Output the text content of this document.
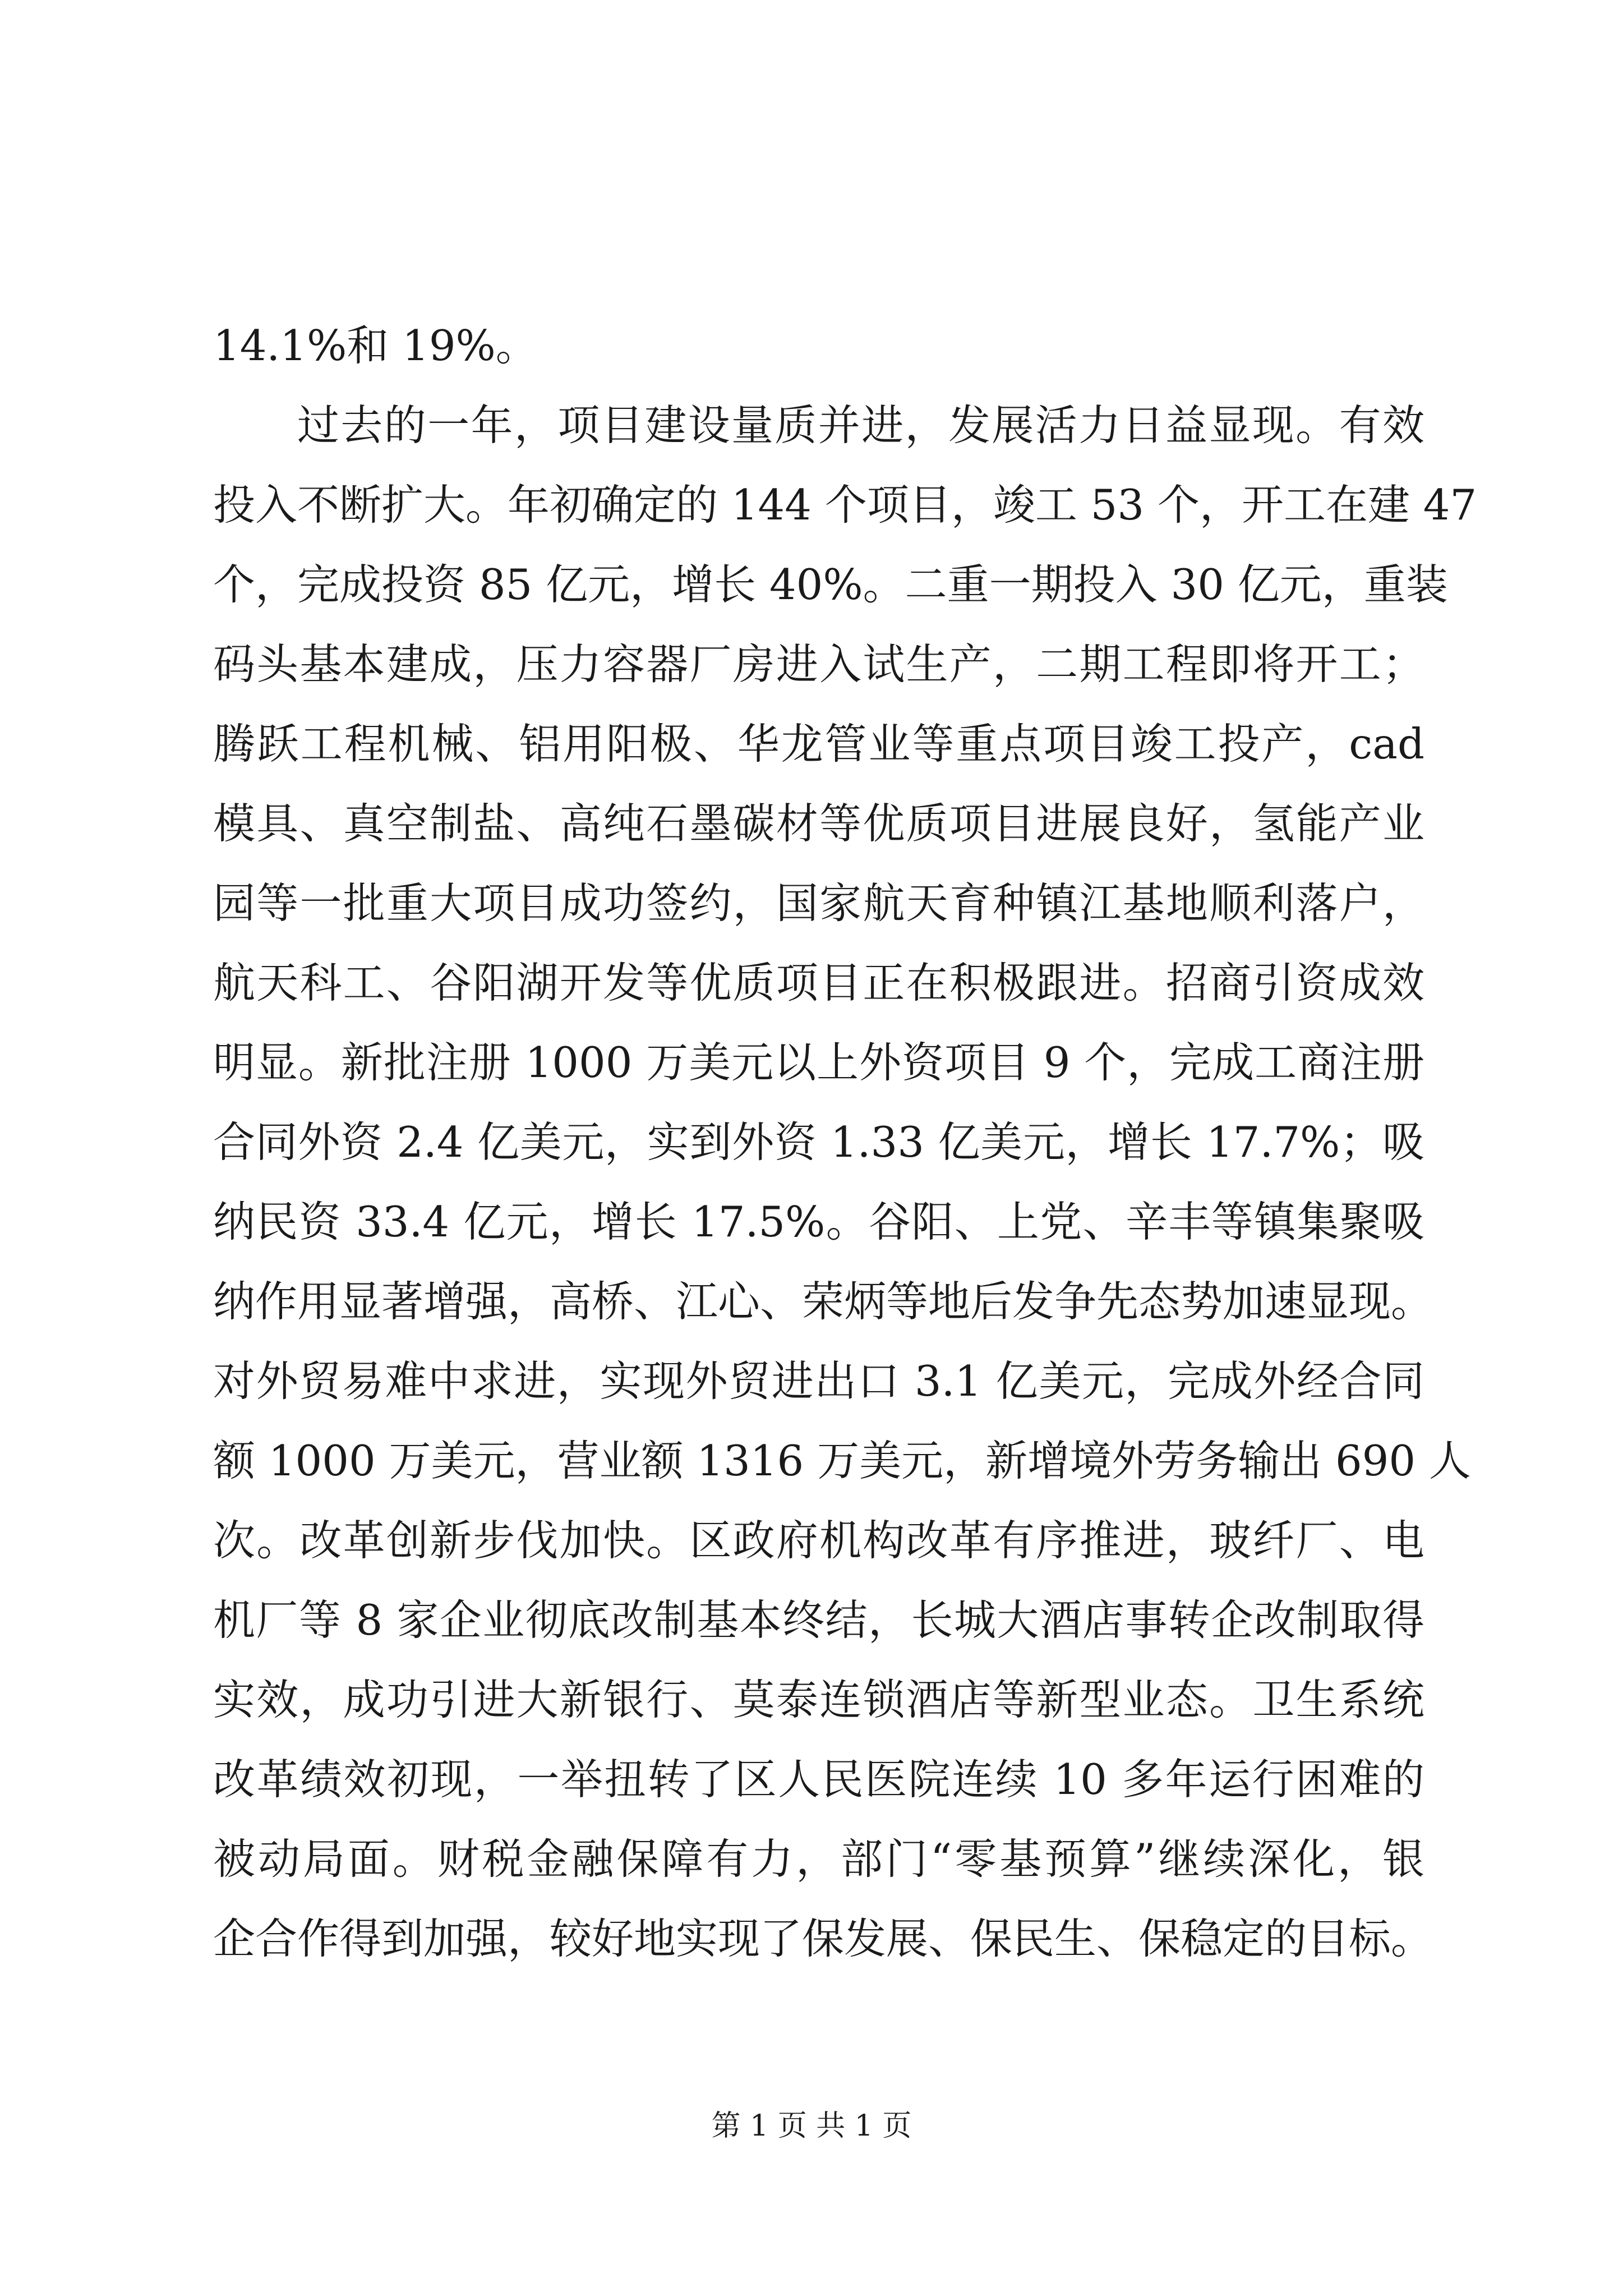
14.1%和 19%。
过去的一年，项目建设量质并进，发展活力日益显现。有效
投入不断扩大。年初确定的 144 个项目，竣工 53 个，开工在建 47
个，完成投资 85 亿元，增长 40%。二重一期投入 30 亿元，重装
码头基本建成，压力容器厂房进入试生产，二期工程即将开工；
腾跃工程机械、铝用阳极、华龙管业等重点项目竣工投产，cad
模具、真空制盐、高纯石墨碳材等优质项目进展良好，氢能产业
园等一批重大项目成功签约，国家航天育种镇江基地顺利落户，
航天科工、谷阳湖开发等优质项目正在积极跟进。招商引资成效
明显。新批注册 1000 万美元以上外资项目 9 个，完成工商注册
合同外资 2.4 亿美元，实到外资 1.33 亿美元，增长 17.7%；吸
纳民资 33.4 亿元，增长 17.5%。谷阳、上党、辛丰等镇集聚吸
纳作用显著增强，高桥、江心、荣炳等地后发争先态势加速显现。
对外贸易难中求进，实现外贸进出口 3.1 亿美元，完成外经合同
额 1000 万美元，营业额 1316 万美元，新增境外劳务输出 690 人
次。改革创新步伐加快。区政府机构改革有序推进，玻纤厂、电
机厂等 8 家企业彻底改制基本终结，长城大酒店事转企改制取得
实效，成功引进大新银行、莫泰连锁酒店等新型业态。卫生系统
改革绩效初现，一举扭转了区人民医院连续 10 多年运行困难的
被动局面。财税金融保障有力，部门“零基预算”继续深化，银
企合作得到加强，较好地实现了保发展、保民生、保稳定的目标。
第 1 页 共 1 页
